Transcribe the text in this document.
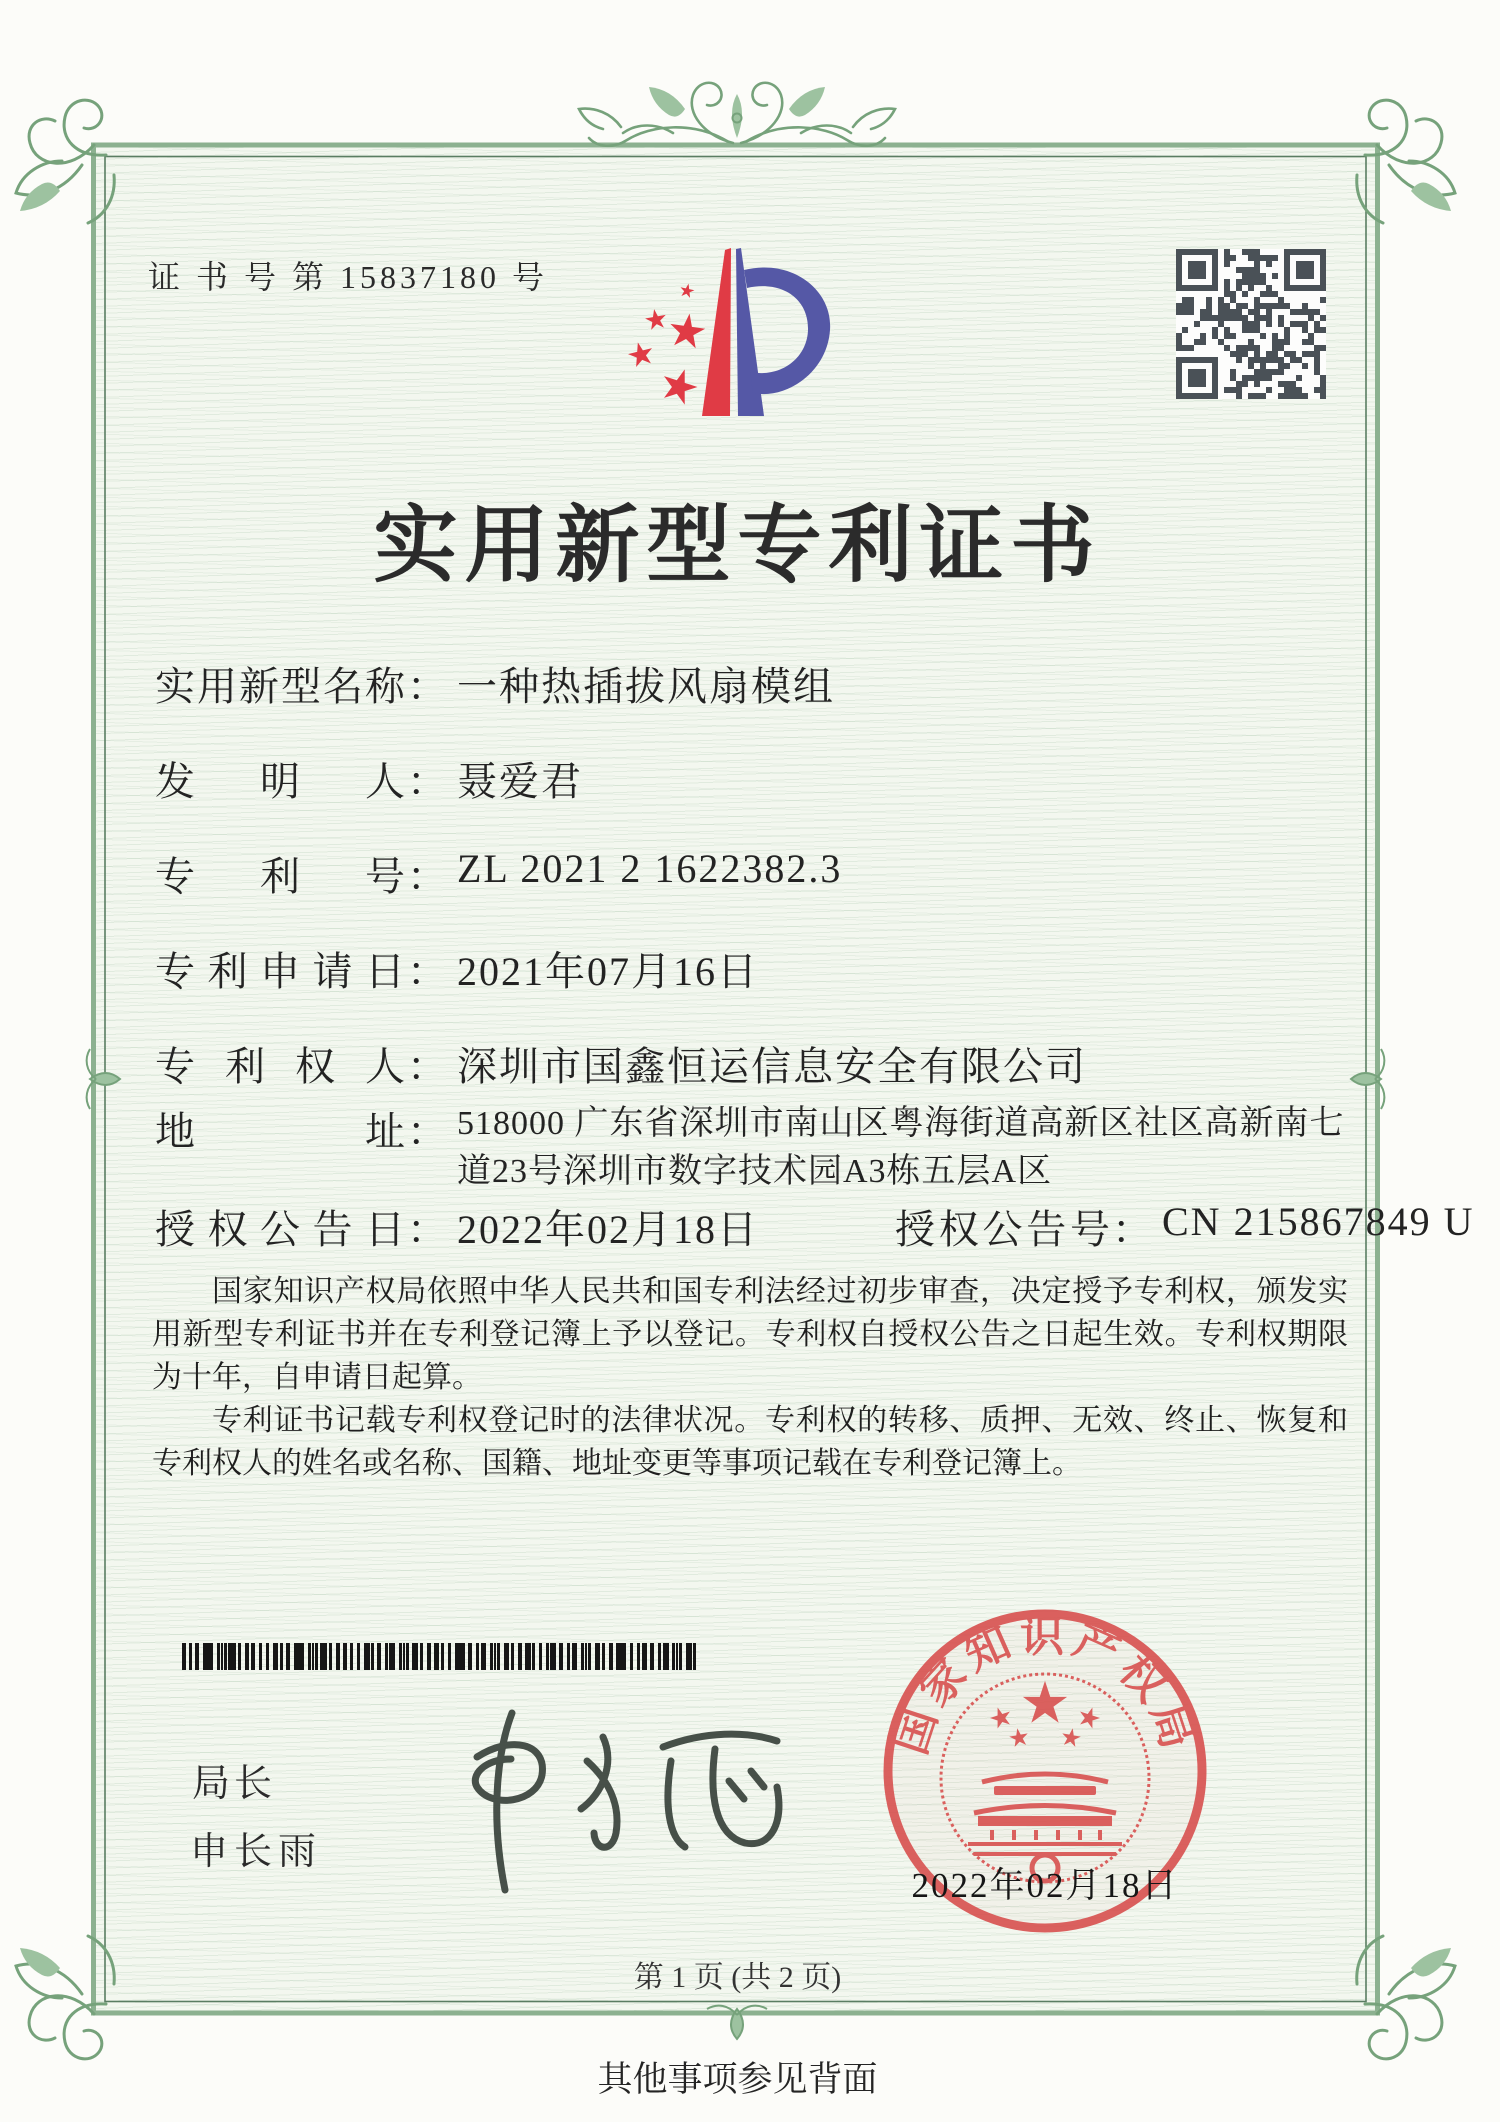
证 书 号 第 15837180 号
实用新型专利证书
实用新型名称 ： 一种热插拔风扇模组
发明人 ： 聂爱君
专利号 ： ZL 2021 2 1622382.3
专利申请日 ： 2021年07月16日
专利权人 ： 深圳市国鑫恒运信息安全有限公司
地址 ： 518000 广东省深圳市南山区粤海街道高新区社区高新南七道23号深圳市数字技术园A3栋五层A区
授权公告日 ： 2022年02月18日	授权公告号 ： CN 215867849 U

国家知识产权局依照中华人民共和国专利法经过初步审查，决定授予专利权，颁发实用新型专利证书并在专利登记簿上予以登记。专利权自授权公告之日起生效。专利权期限为十年，自申请日起算。

专利证书记载专利权登记时的法律状况。专利权的转移、质押、无效、终止、恢复和专利权人的姓名或名称、国籍、地址变更等事项记载在专利登记簿上。

局长
申长雨
国家知识产权局
2022年02月18日
第 1 页 (共 2 页)
其他事项参见背面
